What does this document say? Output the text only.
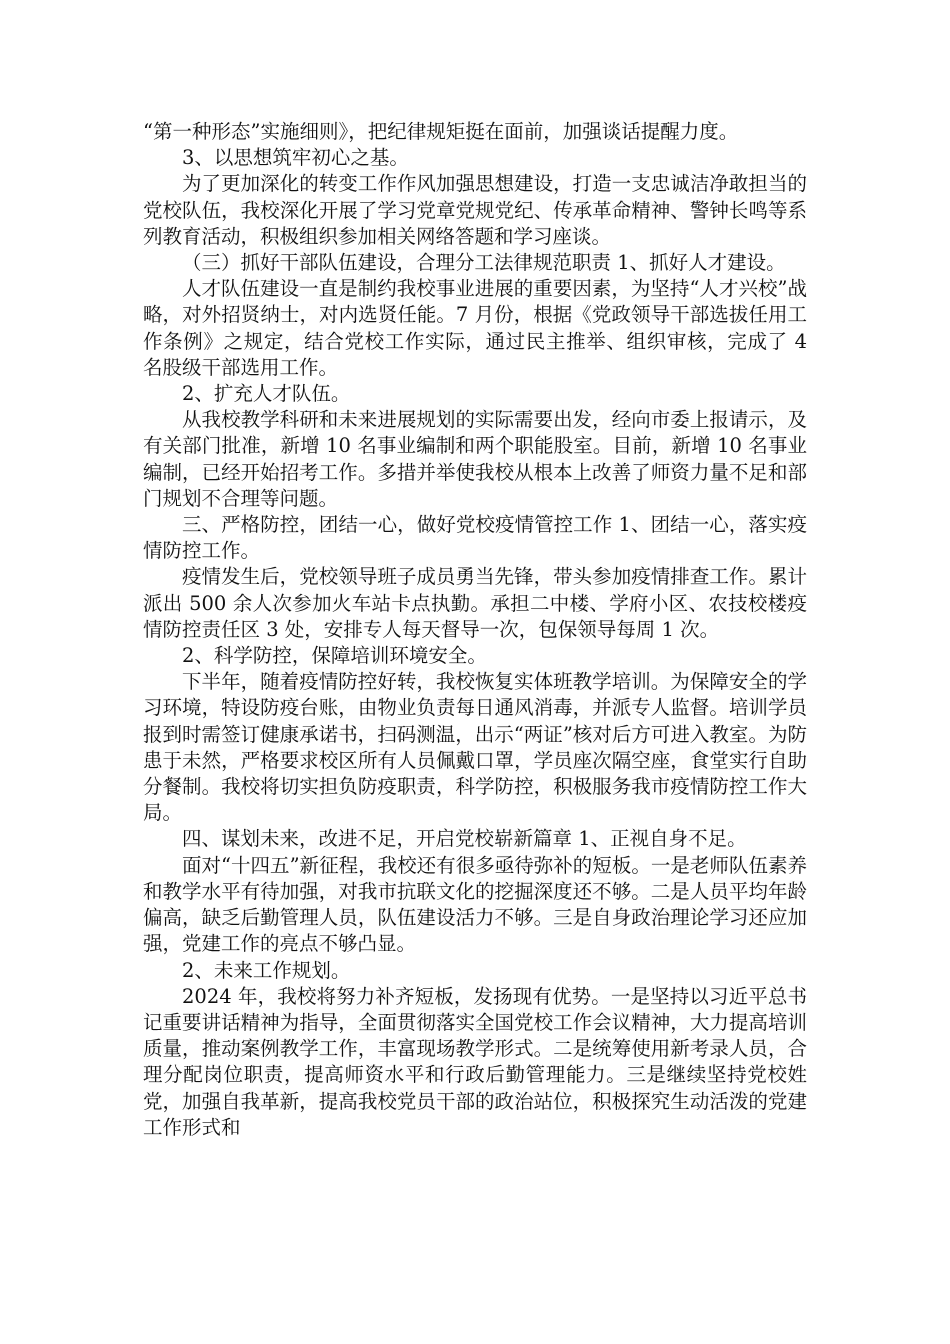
“第一种形态”实施细则》，把纪律规矩挺在面前，加强谈话提醒力度。

3、以思想筑牢初心之基。

为了更加深化的转变工作作风加强思想建设，打造一支忠诚洁净敢担当的党校队伍，我校深化开展了学习党章党规党纪、传承革命精神、警钟长鸣等系列教育活动，积极组织参加相关网络答题和学习座谈。

（三）抓好干部队伍建设，合理分工法律规范职责 1、抓好人才建设。

人才队伍建设一直是制约我校事业进展的重要因素，为坚持“人才兴校”战略，对外招贤纳士，对内选贤任能。7 月份，根据《党政领导干部选拔任用工作条例》之规定，结合党校工作实际，通过民主推举、组织审核，完成了 4 名股级干部选用工作。

2、扩充人才队伍。

从我校教学科研和未来进展规划的实际需要出发，经向市委上报请示，及有关部门批准，新增 10 名事业编制和两个职能股室。目前，新增 10 名事业编制，已经开始招考工作。多措并举使我校从根本上改善了师资力量不足和部门规划不合理等问题。

三、严格防控，团结一心，做好党校疫情管控工作 1、团结一心，落实疫情防控工作。

疫情发生后，党校领导班子成员勇当先锋，带头参加疫情排查工作。累计派出 500 余人次参加火车站卡点执勤。承担二中楼、学府小区、农技校楼疫情防控责任区 3 处，安排专人每天督导一次，包保领导每周 1 次。

2、科学防控，保障培训环境安全。

下半年，随着疫情防控好转，我校恢复实体班教学培训。为保障安全的学习环境，特设防疫台账，由物业负责每日通风消毒，并派专人监督。培训学员报到时需签订健康承诺书，扫码测温，出示“两证”核对后方可进入教室。为防患于未然，严格要求校区所有人员佩戴口罩，学员座次隔空座，食堂实行自助分餐制。我校将切实担负防疫职责，科学防控，积极服务我市疫情防控工作大局。

四、谋划未来，改进不足，开启党校崭新篇章 1、正视自身不足。

面对“十四五”新征程，我校还有很多亟待弥补的短板。一是老师队伍素养和教学水平有待加强，对我市抗联文化的挖掘深度还不够。二是人员平均年龄偏高，缺乏后勤管理人员，队伍建设活力不够。三是自身政治理论学习还应加强，党建工作的亮点不够凸显。

2、未来工作规划。

2024 年，我校将努力补齐短板，发扬现有优势。一是坚持以习近平总书记重要讲话精神为指导，全面贯彻落实全国党校工作会议精神，大力提高培训质量，推动案例教学工作，丰富现场教学形式。二是统筹使用新考录人员，合理分配岗位职责，提高师资水平和行政后勤管理能力。三是继续坚持党校姓党，加强自我革新，提高我校党员干部的政治站位，积极探究生动活泼的党建工作形式和
